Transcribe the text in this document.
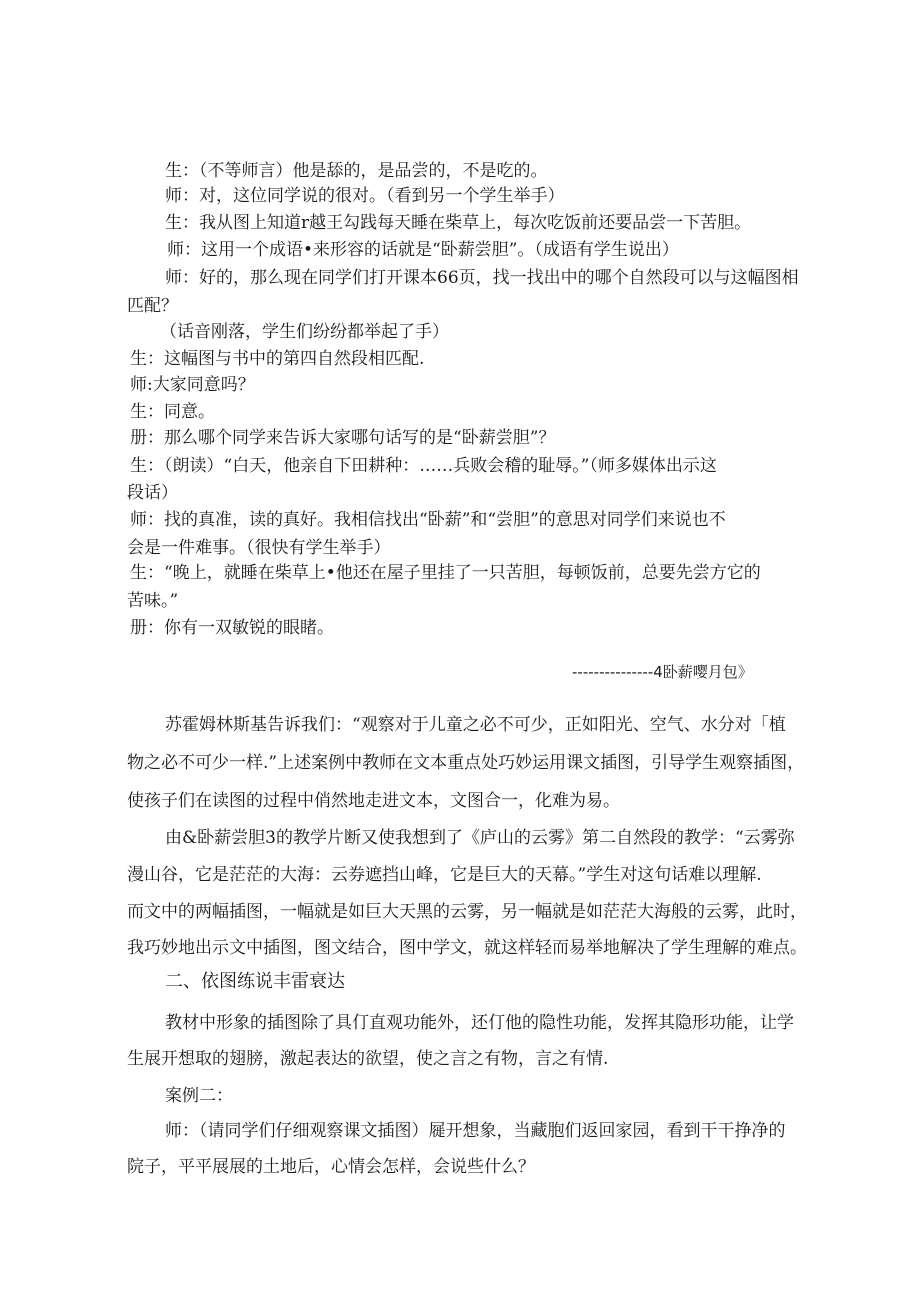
生：（不等师言）他是舔的，是品尝的，不是吃的。
师：对，这位同学说的很对。（看到另一个学生举手）
生：我从图上知道r越王勾践每天睡在柴草上，每次吃饭前还要品尝一下苦胆。
师：这用一个成语•来形容的话就是“卧薪尝胆”。（成语有学生说出）
师：好的，那么现在同学们打开课本66页，找一找出中的哪个自然段可以与这幅图相
匹配？
（话音刚落，学生们纷纷都举起了手）
生：这幅图与书中的第四自然段相匹配.
师:大家同意吗？
生：同意。
册：那么哪个同学来告诉大家哪句话写的是“卧薪尝胆”？
生：（朗读）“白天，他亲自下田耕种：……兵败会稽的耻辱。”（师多媒体出示这
段话）
师：找的真准，读的真好。我相信找出“卧薪”和“尝胆”的意思对同学们来说也不
会是一件难事。（很快有学生举手）
生：“晚上，就睡在柴草上•他还在屋子里挂了一只苦胆，每顿饭前，总要先尝方它的
苦味。”
册：你有一双敏锐的眼睹。
---------------4卧薪嘤月包》
苏霍姆林斯基告诉我们：“观察对于儿童之必不可少，正如阳光、空气、水分对「植
物之必不可少一样.”上述案例中教师在文本重点处巧妙运用课文插图，引导学生观察插图，
使孩子们在读图的过程中俏然地走进文本，文图合一，化难为易。
由&卧薪尝胆3的教学片断又使我想到了《庐山的云雾》第二自然段的教学：“云雾弥
漫山谷，它是茫茫的大海：云券遮挡山峰，它是巨大的天幕。”学生对这句话难以理解.
而文中的两幅插图，一幅就是如巨大天黑的云雾，另一幅就是如茫茫大海般的云雾，此时，
我巧妙地出示文中插图，图文结合，图中学文，就这样轻而易举地解决了学生理解的难点。
二、依图练说丰雷衰达
教材中形象的插图除了具仃直观功能外，还仃他的隐性功能，发挥其隐形功能，让学
生展开想取的翅膀，激起表达的欲望，使之言之有物，言之有情.
案例二：
师：（请同学们仔细观察课文插图）屣开想象，当藏胞们返回家园，看到干干挣净的
院子，平平展展的土地后，心情会怎样，会说些什么？
